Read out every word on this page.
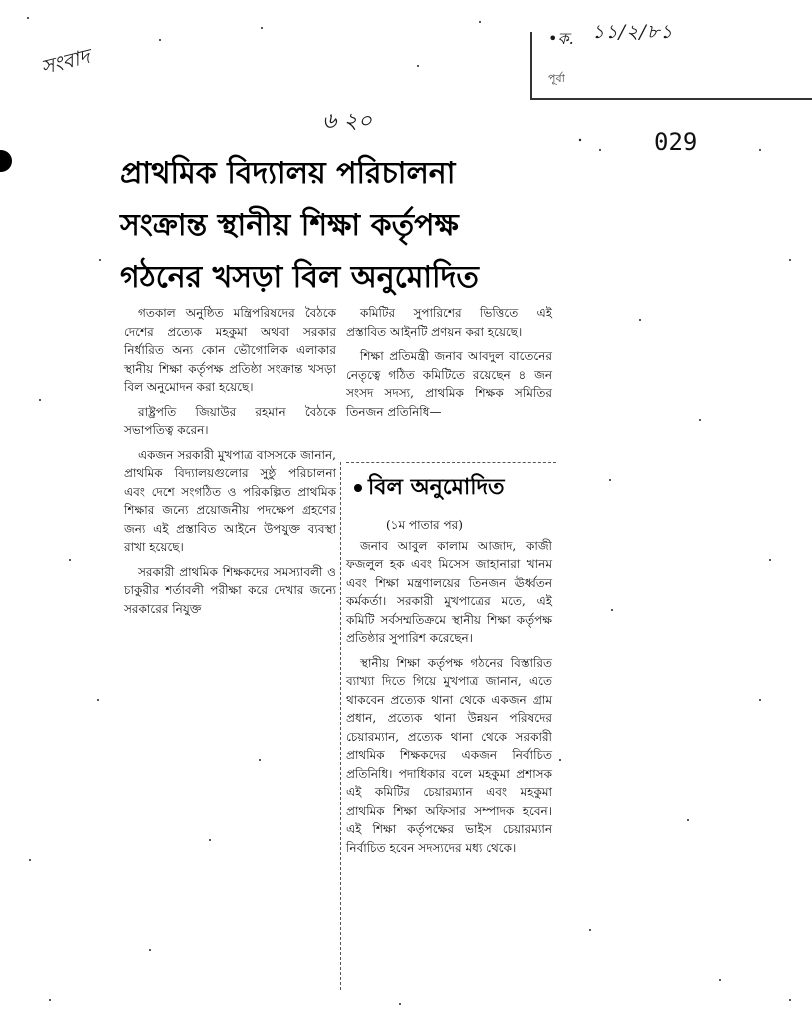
সংবাদ
•ক.
পূর্বা
১১/২/৮১
৬ ২০
029
প্রাথমিক বিদ্যালয় পরিচালনা
সংক্রান্ত স্থানীয় শিক্ষা কর্তৃপক্ষ
গঠনের খসড়া বিল অনুমোদিত

গতকাল অনুষ্ঠিত মন্ত্রিপরিষদের বৈঠকে দেশের প্রত্যেক মহকুমা অথবা সরকার নির্ধারিত অন্য কোন ভৌগোলিক এলাকার স্থানীয় শিক্ষা কর্তৃপক্ষ প্রতিষ্ঠা সংক্রান্ত খসড়া বিল অনুমোদন করা হয়েছে।

রাষ্ট্রপতি জিয়াউর রহমান বৈঠকে সভাপতিত্ব করেন।

একজন সরকারী মুখপাত্র বাসসকে জানান, প্রাথমিক বিদ্যালয়গুলোর সুষ্ঠু পরিচালনা এবং দেশে সংগঠিত ও পরিকল্পিত প্রাথমিক শিক্ষার জন্যে প্রয়োজনীয় পদক্ষেপ গ্রহণের জন্য এই প্রস্তাবিত আইনে উপযুক্ত ব্যবস্থা রাখা হয়েছে।

সরকারী প্রাথমিক শিক্ষকদের সমস্যাবলী ও চাকুরীর শর্তাবলী পরীক্ষা করে দেখার জন্যে সরকারের নিযুক্ত

কমিটির সুপারিশের ভিত্তিতে এই প্রস্তাবিত আইনটি প্রণয়ন করা হয়েছে।

শিক্ষা প্রতিমন্ত্রী জনাব আবদুল বাতেনের নেতৃত্বে গঠিত কমিটিতে রয়েছেন ৪ জন সংসদ সদস্য, প্রাথমিক শিক্ষক সমিতির তিনজন প্রতিনিধি—

বিল অনুমোদিত

(১ম পাতার পর)

জনাব আবুল কালাম আজাদ, কাজী ফজলুল হক এবং মিসেস জাহানারা খানম এবং শিক্ষা মন্ত্রণালয়ের তিনজন ঊর্ধ্বতন কর্মকর্তা। সরকারী মুখপাত্রের মতে, এই কমিটি সর্বসম্মতিক্রমে স্থানীয় শিক্ষা কর্তৃপক্ষ প্রতিষ্ঠার সুপারিশ করেছেন।

স্থানীয় শিক্ষা কর্তৃপক্ষ গঠনের বিস্তারিত ব্যাখ্যা দিতে গিয়ে মুখপাত্র জানান, এতে থাকবেন প্রত্যেক থানা থেকে একজন গ্রাম প্রধান, প্রত্যেক থানা উন্নয়ন পরিষদের চেয়ারম্যান, প্রত্যেক থানা থেকে সরকারী প্রাথমিক শিক্ষকদের একজন নির্বাচিত প্রতিনিধি। পদাধিকার বলে মহকুমা প্রশাসক এই কমিটির চেয়ারম্যান এবং মহকুমা প্রাথমিক শিক্ষা অফিসার সম্পাদক হবেন। এই শিক্ষা কর্তৃপক্ষের ভাইস চেয়ারম্যান নির্বাচিত হবেন সদস্যদের মধ্য থেকে।
